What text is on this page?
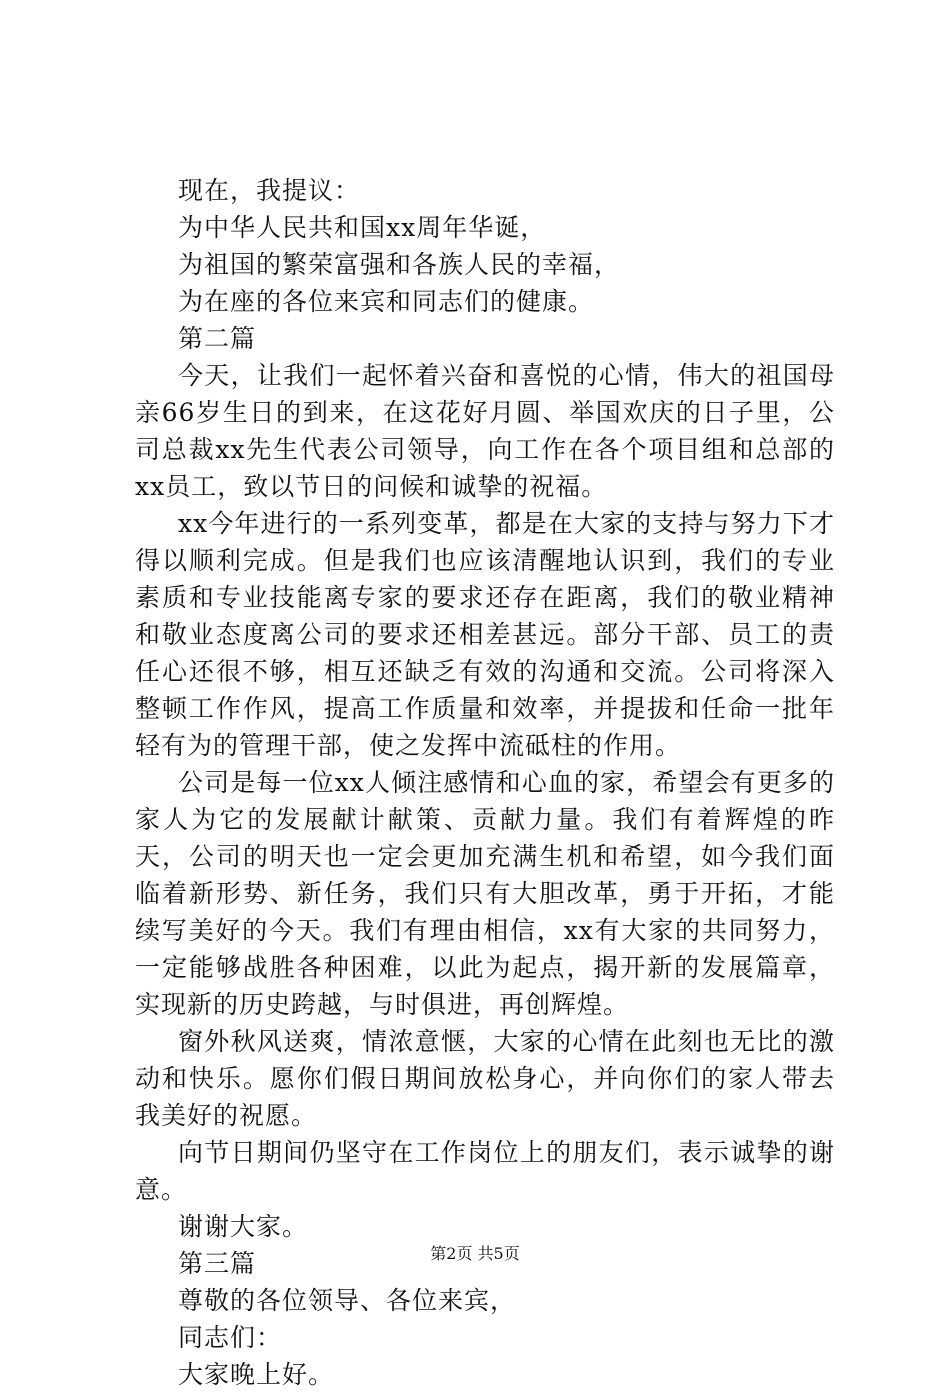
现在，我提议：
为中华人民共和国xx周年华诞，
为祖国的繁荣富强和各族人民的幸福，
为在座的各位来宾和同志们的健康。
第二篇

今天，让我们一起怀着兴奋和喜悦的心情，伟大的祖国母亲66岁生日的到来，在这花好月圆、举国欢庆的日子里，公司总裁xx先生代表公司领导，向工作在各个项目组和总部的xx员工，致以节日的问候和诚挚的祝福。

xx今年进行的一系列变革，都是在大家的支持与努力下才得以顺利完成。但是我们也应该清醒地认识到，我们的专业素质和专业技能离专家的要求还存在距离，我们的敬业精神和敬业态度离公司的要求还相差甚远。部分干部、员工的责任心还很不够，相互还缺乏有效的沟通和交流。公司将深入整顿工作作风，提高工作质量和效率，并提拔和任命一批年轻有为的管理干部，使之发挥中流砥柱的作用。

公司是每一位xx人倾注感情和心血的家，希望会有更多的家人为它的发展献计献策、贡献力量。我们有着辉煌的昨天，公司的明天也一定会更加充满生机和希望，如今我们面临着新形势、新任务，我们只有大胆改革，勇于开拓，才能续写美好的今天。我们有理由相信，xx有大家的共同努力，一定能够战胜各种困难，以此为起点，揭开新的发展篇章，实现新的历史跨越，与时俱进，再创辉煌。

窗外秋风送爽，情浓意惬，大家的心情在此刻也无比的激动和快乐。愿你们假日期间放松身心，并向你们的家人带去我美好的祝愿。

向节日期间仍坚守在工作岗位上的朋友们，表示诚挚的谢意。

谢谢大家。
第三篇
尊敬的各位领导、各位来宾，
同志们：
大家晚上好。
第2页 共5页
